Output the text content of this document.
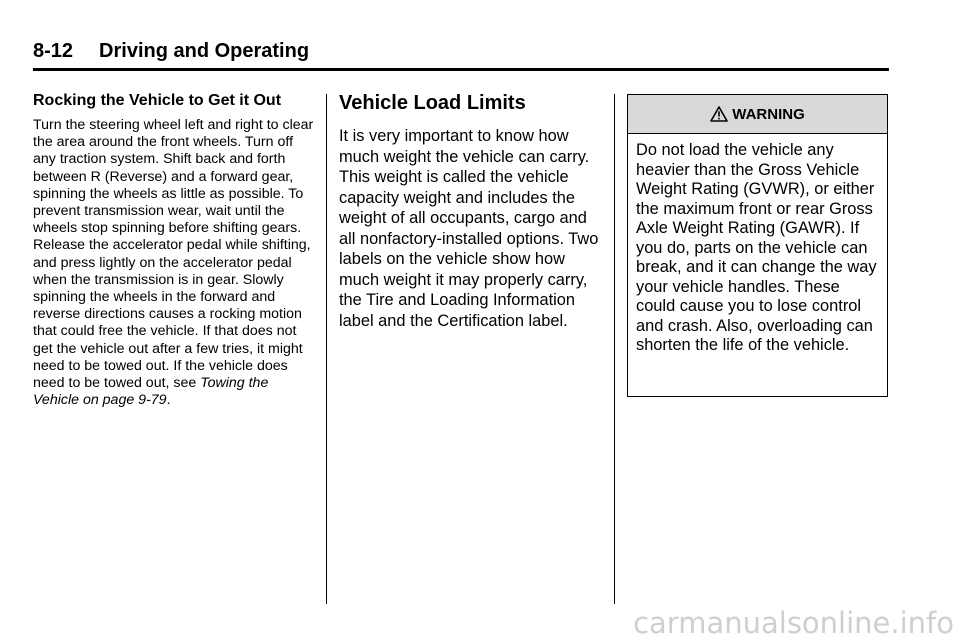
8-12 Driving and Operating
Rocking the Vehicle to Get it Out

Turn the steering wheel left and right to clear the area around the front wheels. Turn off any traction system. Shift back and forth between R (Reverse) and a forward gear, spinning the wheels as little as possible. To prevent transmission wear, wait until the wheels stop spinning before shifting gears. Release the accelerator pedal while shifting, and press lightly on the accelerator pedal when the transmission is in gear. Slowly spinning the wheels in the forward and reverse directions causes a rocking motion that could free the vehicle. If that does not get the vehicle out after a few tries, it might need to be towed out. If the vehicle does need to be towed out, see Towing the Vehicle on page 9-79.

Vehicle Load Limits

It is very important to know how much weight the vehicle can carry. This weight is called the vehicle capacity weight and includes the weight of all occupants, cargo and all nonfactory-installed options. Two labels on the vehicle show how much weight it may properly carry, the Tire and Loading Information label and the Certification label.

WARNING
Do not load the vehicle any heavier than the Gross Vehicle Weight Rating (GVWR), or either the maximum front or rear Gross Axle Weight Rating (GAWR). If you do, parts on the vehicle can break, and it can change the way your vehicle handles. These could cause you to lose control and crash. Also, overloading can shorten the life of the vehicle.
carmanualsonline.info
